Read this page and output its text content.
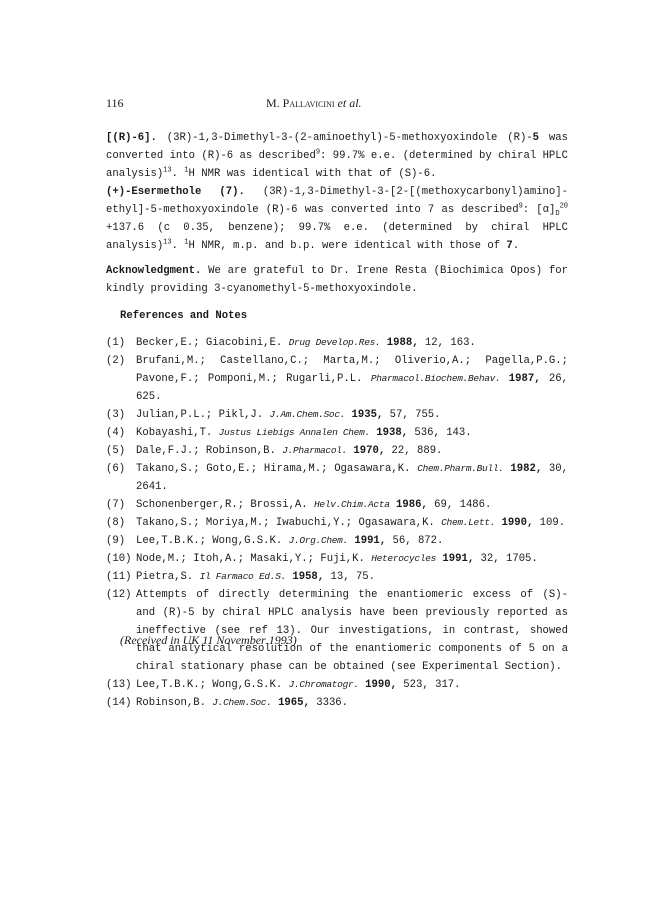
116	M. Pallavicini et al.

[(R)-6]. (3R)-1,3-Dimethyl-3-(2-aminoethyl)-5-methoxyoxindole (R)-5 was converted into (R)-6 as described$^9$: 99.7% e.e. (determined by chiral HPLC analysis)$^{13}$. $^1$H NMR was identical with that of (S)-6.

(+)-Esermethole (7). (3R)-1,3-Dimethyl-3-[2-[(methoxycarbonyl)amino]-ethyl]-5-methoxyoxindole (R)-6 was converted into 7 as described$^9$: $[\alpha]_D^{20} +137.6$ (c 0.35, benzene); 99.7% e.e. (determined by chiral HPLC analysis)$^{13}$. $^1$H NMR, m.p. and b.p. were identical with those of 7.

Acknowledgment. We are grateful to Dr. Irene Resta (Biochimica Opos) for kindly providing 3-cyanomethyl-5-methoxyoxindole.

References and Notes
(1) Becker,E.; Giacobini,E. Drug Develop.Res. 1988, 12, 163.
(2) Brufani,M.; Castellano,C.; Marta,M.; Oliverio,A.; Pagella,P.G.; Pavone,F.; Pomponi,M.; Rugarli,P.L. Pharmacol.Biochem.Behav. 1987, 26, 625.
(3) Julian,P.L.; Pikl,J. J.Am.Chem.Soc. 1935, 57, 755.
(4) Kobayashi,T. Justus Liebigs Annalen Chem. 1938, 536, 143.
(5) Dale,F.J.; Robinson,B. J.Pharmacol. 1970, 22, 889.
(6) Takano,S.; Goto,E.; Hirama,M.; Ogasawara,K. Chem.Pharm.Bull. 1982, 30, 2641.
(7) Schonenberger,R.; Brossi,A. Helv.Chim.Acta 1986, 69, 1486.
(8) Takano,S.; Moriya,M.; Iwabuchi,Y.; Ogasawara,K. Chem.Lett. 1990, 109.
(9) Lee,T.B.K.; Wong,G.S.K. J.Org.Chem. 1991, 56, 872.
(10) Node,M.; Itoh,A.; Masaki,Y.; Fuji,K. Heterocycles 1991, 32, 1705.
(11) Pietra,S. Il Farmaco Ed.S. 1958, 13, 75.
(12) Attempts of directly determining the enantiomeric excess of (S)- and (R)-5 by chiral HPLC analysis have been previously reported as ineffective (see ref 13). Our investigations, in contrast, showed that analytical resolution of the enantiomeric components of 5 on a chiral stationary phase can be obtained (see Experimental Section).
(13) Lee,T.B.K.; Wong,G.S.K. J.Chromatogr. 1990, 523, 317.
(14) Robinson,B. J.Chem.Soc. 1965, 3336.
(Received in UK 11 November 1993)
